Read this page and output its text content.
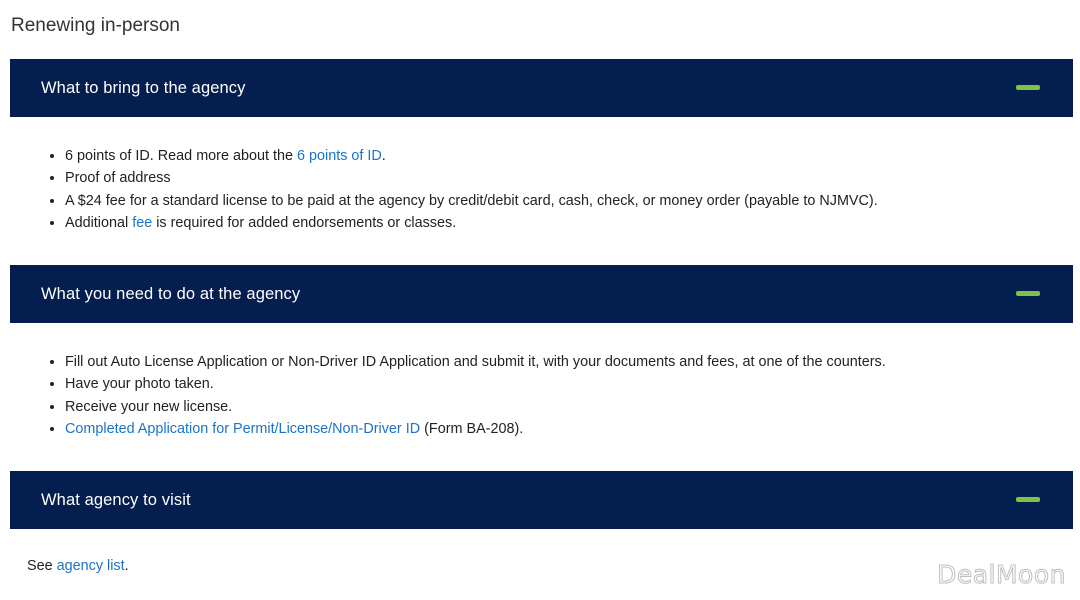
Renewing in-person
What to bring to the agency
• 6 points of ID. Read more about the 6 points of ID.
• Proof of address
• A $24 fee for a standard license to be paid at the agency by credit/debit card, cash, check, or money order (payable to NJMVC).
• Additional fee is required for added endorsements or classes.
What you need to do at the agency
• Fill out Auto License Application or Non-Driver ID Application and submit it, with your documents and fees, at one of the counters.
• Have your photo taken.
• Receive your new license.
• Completed Application for Permit/License/Non-Driver ID (Form BA-208).
What agency to visit
See agency list.	DealMoon
